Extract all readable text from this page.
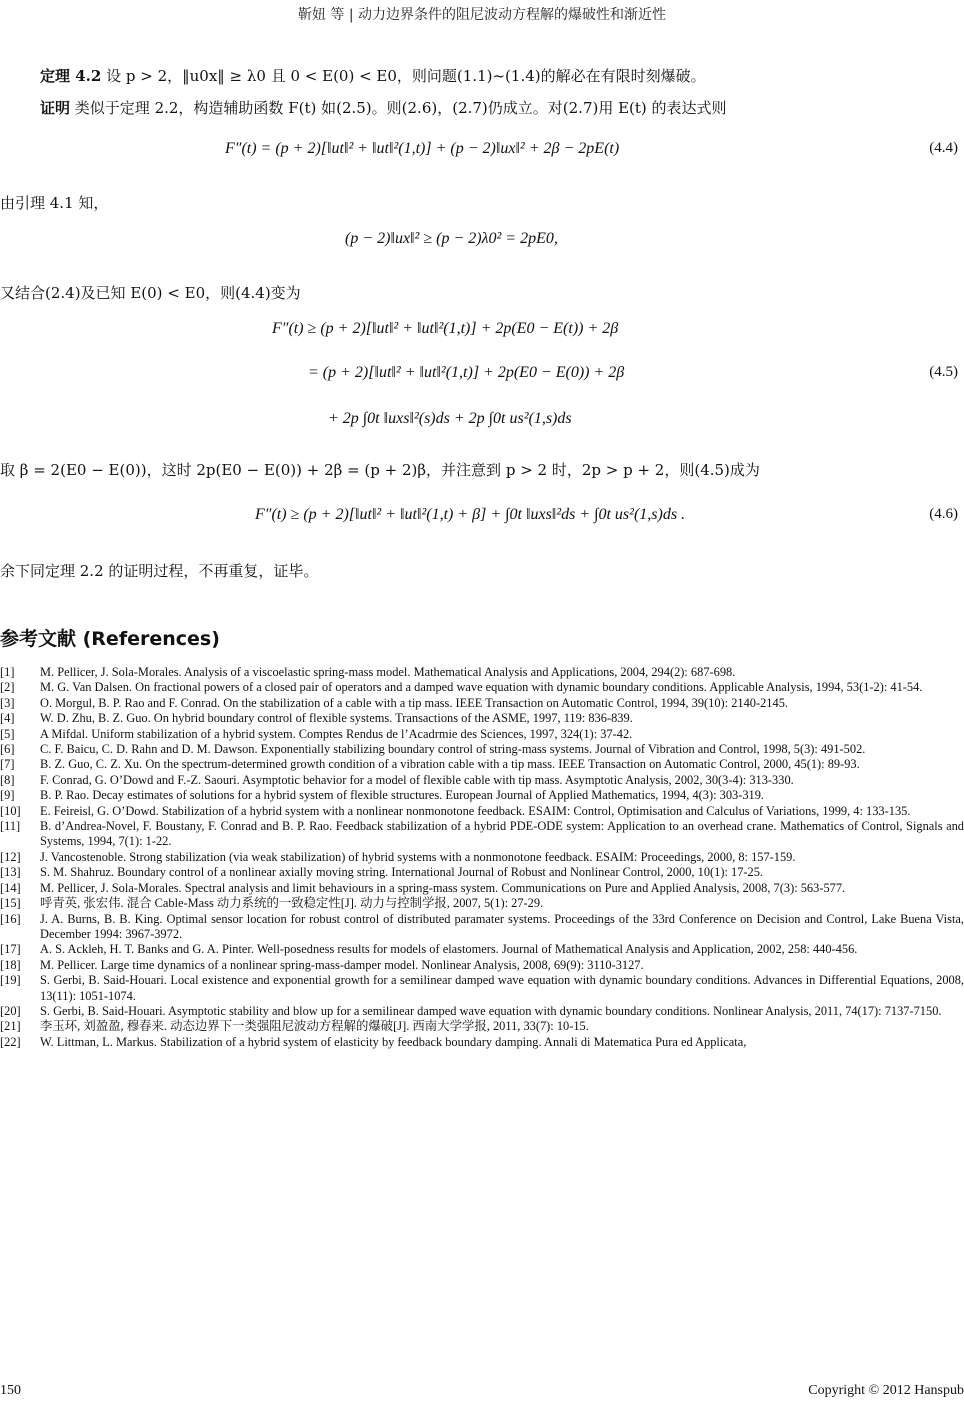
靳妞 等 | 动力边界条件的阻尼波动方程解的爆破性和渐近性
定理 4.2 设 p > 2，‖u0x‖ ≥ λ0 且 0 < E(0) < E0，则问题(1.1)~(1.4)的解必在有限时刻爆破。
证明 类似于定理 2.2，构造辅助函数 F(t) 如(2.5)。则(2.6)，(2.7)仍成立。对(2.7)用 E(t) 的表达式则
F″(t) = (p + 2)[‖ut‖² + ‖ut‖²(1,t)] + (p − 2)‖ux‖² + 2β − 2pE(t)	(4.4)
由引理 4.1 知，
(p − 2)‖ux‖² ≥ (p − 2)λ0² = 2pE0,
又结合(2.4)及已知 E(0) < E0，则(4.4)变为
F″(t) ≥ (p + 2)[‖ut‖² + ‖ut‖²(1,t)] + 2p(E0 − E(t)) + 2β
= (p + 2)[‖ut‖² + ‖ut‖²(1,t)] + 2p(E0 − E(0)) + 2β	(4.5)
+ 2p ∫0t ‖uxs‖²(s)ds + 2p ∫0t us²(1,s)ds
取 β = 2(E0 − E(0))，这时 2p(E0 − E(0)) + 2β = (p + 2)β，并注意到 p > 2 时，2p > p + 2，则(4.5)成为
F″(t) ≥ (p + 2)[‖ut‖² + ‖ut‖²(1,t) + β] + ∫0t ‖uxs‖²ds + ∫0t us²(1,s)ds .	(4.6)
余下同定理 2.2 的证明过程，不再重复，证毕。
参考文献 (References)
[1]	M. Pellicer, J. Sola-Morales. Analysis of a viscoelastic spring-mass model. Mathematical Analysis and Applications, 2004, 294(2): 687-698.
[2]	M. G. Van Dalsen. On fractional powers of a closed pair of operators and a damped wave equation with dynamic boundary conditions. Applicable Analysis, 1994, 53(1-2): 41-54.
[3]	O. Morgul, B. P. Rao and F. Conrad. On the stabilization of a cable with a tip mass. IEEE Transaction on Automatic Control, 1994, 39(10): 2140-2145.
[4]	W. D. Zhu, B. Z. Guo. On hybrid boundary control of flexible systems. Transactions of the ASME, 1997, 119: 836-839.
[5]	A Mifdal. Uniform stabilization of a hybrid system. Comptes Rendus de l’Acadrmie des Sciences, 1997, 324(1): 37-42.
[6]	C. F. Baicu, C. D. Rahn and D. M. Dawson. Exponentially stabilizing boundary control of string-mass systems. Journal of Vibration and Control, 1998, 5(3): 491-502.
[7]	B. Z. Guo, C. Z. Xu. On the spectrum-determined growth condition of a vibration cable with a tip mass. IEEE Transaction on Automatic Control, 2000, 45(1): 89-93.
[8]	F. Conrad, G. O’Dowd and F.-Z. Saouri. Asymptotic behavior for a model of flexible cable with tip mass. Asymptotic Analysis, 2002, 30(3-4): 313-330.
[9]	B. P. Rao. Decay estimates of solutions for a hybrid system of flexible structures. European Journal of Applied Mathematics, 1994, 4(3): 303-319.
[10]	E. Feireisl, G. O’Dowd. Stabilization of a hybrid system with a nonlinear nonmonotone feedback. ESAIM: Control, Optimisation and Calculus of Variations, 1999, 4: 133-135.
[11]	B. d’Andrea-Novel, F. Boustany, F. Conrad and B. P. Rao. Feedback stabilization of a hybrid PDE-ODE system: Application to an overhead crane. Mathematics of Control, Signals and Systems, 1994, 7(1): 1-22.
[12]	J. Vancostenoble. Strong stabilization (via weak stabilization) of hybrid systems with a nonmonotone feedback. ESAIM: Proceedings, 2000, 8: 157-159.
[13]	S. M. Shahruz. Boundary control of a nonlinear axially moving string. International Journal of Robust and Nonlinear Control, 2000, 10(1): 17-25.
[14]	M. Pellicer, J. Sola-Morales. Spectral analysis and limit behaviours in a spring-mass system. Communications on Pure and Applied Analysis, 2008, 7(3): 563-577.
[15]	呼青英, 张宏伟. 混合 Cable-Mass 动力系统的一致稳定性[J]. 动力与控制学报, 2007, 5(1): 27-29.
[16]	J. A. Burns, B. B. King. Optimal sensor location for robust control of distributed paramater systems. Proceedings of the 33rd Conference on Decision and Control, Lake Buena Vista, December 1994: 3967-3972.
[17]	A. S. Ackleh, H. T. Banks and G. A. Pinter. Well-posedness results for models of elastomers. Journal of Mathematical Analysis and Application, 2002, 258: 440-456.
[18]	M. Pellicer. Large time dynamics of a nonlinear spring-mass-damper model. Nonlinear Analysis, 2008, 69(9): 3110-3127.
[19]	S. Gerbi, B. Said-Houari. Local existence and exponential growth for a semilinear damped wave equation with dynamic boundary conditions. Advances in Differential Equations, 2008, 13(11): 1051-1074.
[20]	S. Gerbi, B. Said-Houari. Asymptotic stability and blow up for a semilinear damped wave equation with dynamic boundary conditions. Nonlinear Analysis, 2011, 74(17): 7137-7150.
[21]	李玉环, 刘盈盈, 穆春来. 动态边界下一类强阻尼波动方程解的爆破[J]. 西南大学学报, 2011, 33(7): 10-15.
[22]	W. Littman, L. Markus. Stabilization of a hybrid system of elasticity by feedback boundary damping. Annali di Matematica Pura ed Applicata,
150	Copyright © 2012 Hanspub
